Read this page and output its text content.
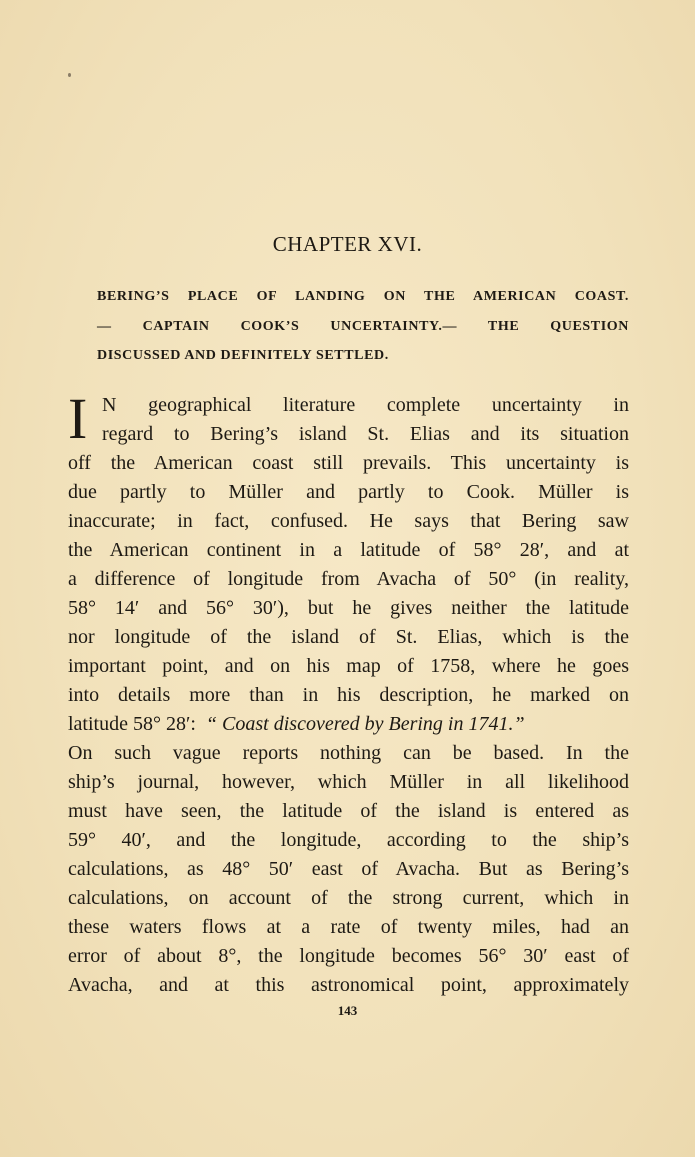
CHAPTER XVI.
BERING’S PLACE OF LANDING ON THE AMERICAN COAST.
— CAPTAIN COOK’S UNCERTAINTY.— THE QUESTION
DISCUSSED AND DEFINITELY SETTLED.
I N geographical literature complete uncertainty in
regard to Bering’s island St. Elias and its situation
off the American coast still prevails. This uncertainty is
due partly to Müller and partly to Cook. Müller is
inaccurate; in fact, confused. He says that Bering saw
the American continent in a latitude of 58° 28′, and at
a difference of longitude from Avacha of 50° (in reality,
58° 14′ and 56° 30′), but he gives neither the latitude
nor longitude of the island of St. Elias, which is the
important point, and on his map of 1758, where he goes
into details more than in his description, he marked on
latitude 58° 28′: “ Coast discovered by Bering in 1741.”
On such vague reports nothing can be based. In the
ship’s journal, however, which Müller in all likelihood
must have seen, the latitude of the island is entered as
59° 40′, and the longitude, according to the ship’s
calculations, as 48° 50′ east of Avacha. But as Bering’s
calculations, on account of the strong current, which in
these waters flows at a rate of twenty miles, had an
error of about 8°, the longitude becomes 56° 30′ east of
Avacha, and at this astronomical point, approximately
143
